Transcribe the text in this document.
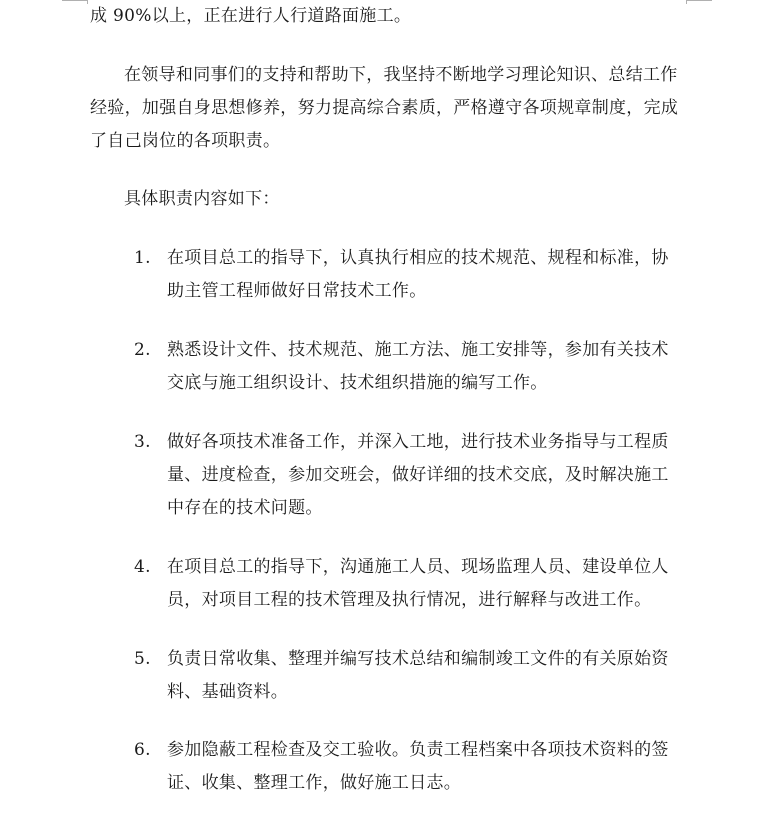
成 90%以上，正在进行人行道路面施工。
在领导和同事们的支持和帮助下，我坚持不断地学习理论知识、总结工作
经验，加强自身思想修养，努力提高综合素质，严格遵守各项规章制度，完成
了自己岗位的各项职责。
具体职责内容如下：
1. 在项目总工的指导下，认真执行相应的技术规范、规程和标准，协
助主管工程师做好日常技术工作。
2. 熟悉设计文件、技术规范、施工方法、施工安排等，参加有关技术
交底与施工组织设计、技术组织措施的编写工作。
3. 做好各项技术准备工作，并深入工地，进行技术业务指导与工程质
量、进度检查，参加交班会，做好详细的技术交底，及时解决施工
中存在的技术问题。
4. 在项目总工的指导下，沟通施工人员、现场监理人员、建设单位人
员，对项目工程的技术管理及执行情况，进行解释与改进工作。
5. 负责日常收集、整理并编写技术总结和编制竣工文件的有关原始资
料、基础资料。
6. 参加隐蔽工程检查及交工验收。负责工程档案中各项技术资料的签
证、收集、整理工作，做好施工日志。
